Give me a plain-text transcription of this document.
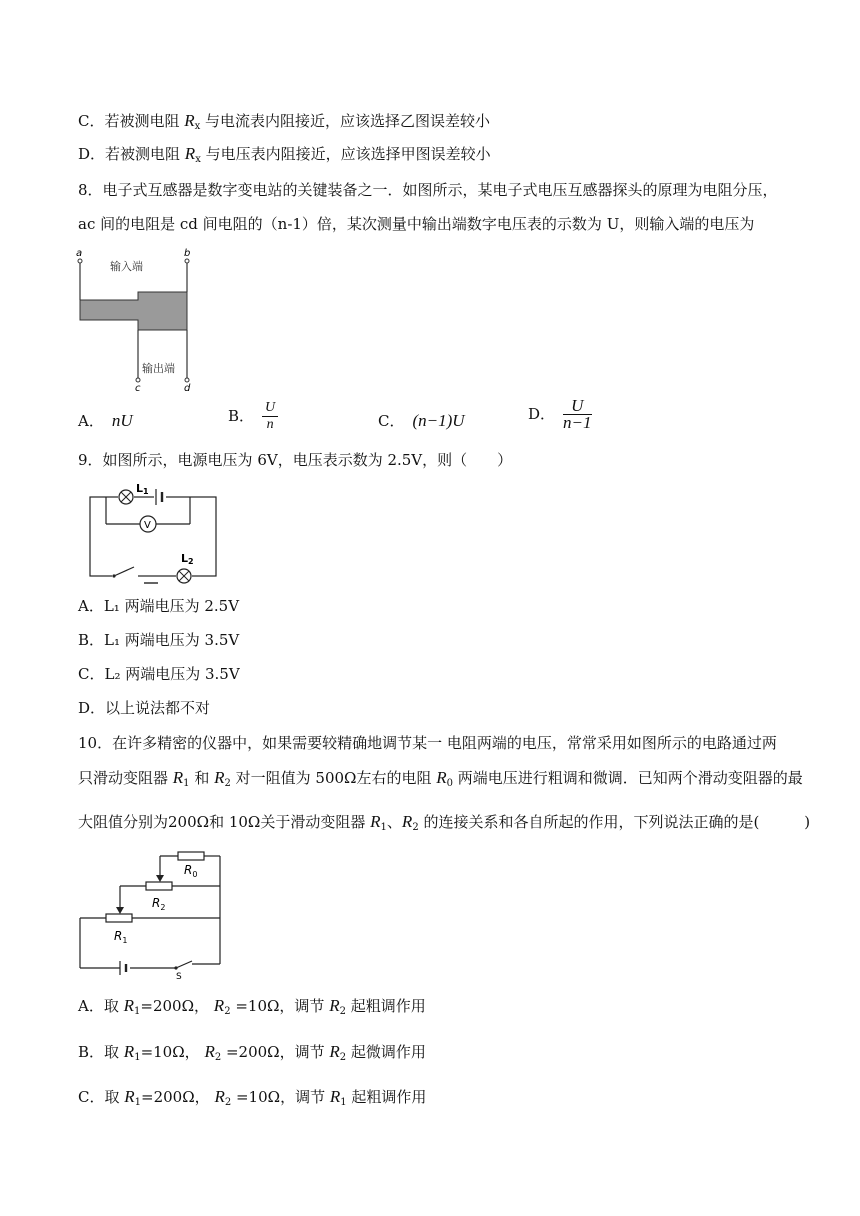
C．若被测电阻 $R_x$ 与电流表内阻接近，应该选择乙图误差较小
D．若被测电阻 $R_x$ 与电压表内阻接近，应该选择甲图误差较小
8．电子式互感器是数字变电站的关键装备之一．如图所示，某电子式电压互感器探头的原理为电阻分压，
ac 间的电阻是 cd 间电阻的（n-1）倍，某次测量中输出端数字电压表的示数为 U，则输入端的电压为
a	b
输入端
输出端
c	d
A． nU	B． $\frac{U}{n}$	C． (n−1)U	D． $\frac{U}{n-1}$
9．如图所示，电源电压为 6V，电压表示数为 2.5V，则（　　）
L1
V
L2
A．L₁ 两端电压为 2.5V
B．L₁ 两端电压为 3.5V
C．L₂ 两端电压为 3.5V
D．以上说法都不对
10．在许多精密的仪器中，如果需要较精确地调节某一 电阻两端的电压，常常采用如图所示的电路通过两
只滑动变阻器 $R_1$ 和 $R_2$ 对一阻值为 500Ω左右的电阻 $R_0$ 两端电压进行粗调和微调．已知两个滑动变阻器的最
大阻值分别为200Ω和 10Ω关于滑动变阻器 $R_1$、$R_2$ 的连接关系和各自所起的作用，下列说法正确的是(　　　)
S
$R_1$
$R_2$
$R_0$
A．取 $R_1=200\Omega$， $R_2 =10\Omega$，调节 $R_2$ 起粗调作用
B．取 $R_1=10\Omega$， $R_2 =200\Omega$，调节 $R_2$ 起微调作用
C．取 $R_1=200\Omega$， $R_2 =10\Omega$，调节 $R_1$ 起粗调作用
